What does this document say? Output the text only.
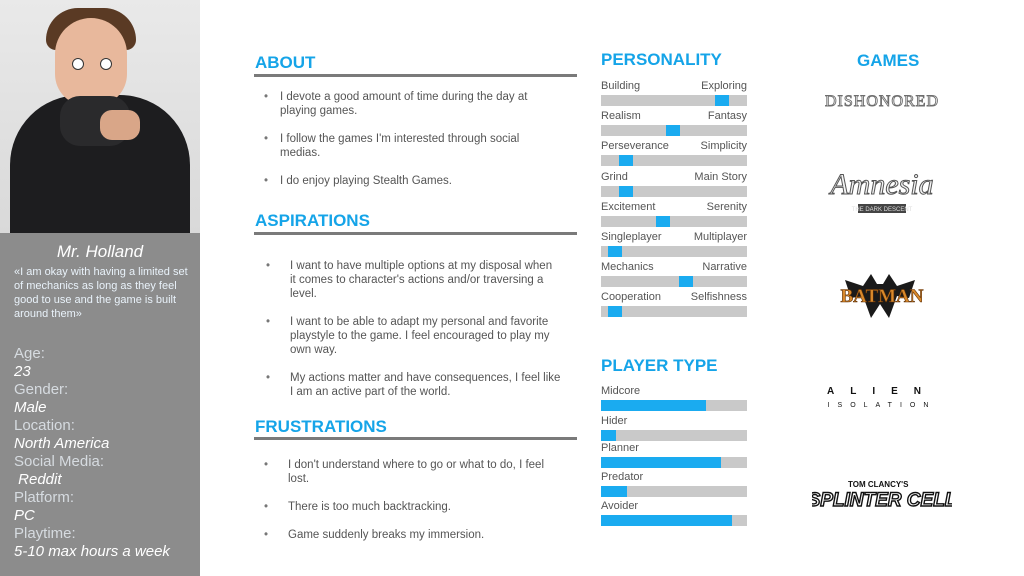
Mr. Holland
«I am okay with having a limited set of mechanics as long as they feel good to use and the game is built around them»
Age:
23
Gender:
Male
Location:
North America
Social Media:
Reddit
Platform:
PC
Playtime:
5-10 max hours a week
ABOUT
• I devote a good amount of time during the day at playing games.
• I follow the games I'm interested through social medias.
• I do enjoy playing Stealth Games.
ASPIRATIONS
• I want to have multiple options at my disposal when it comes to character's actions and/or traversing a level.
• I want to be able to adapt my personal and favorite playstyle to the game. I feel encouraged to play my own way.
• My actions matter and have consequences, I feel like I am an active part of the world.
FRUSTRATIONS
• I don't understand where to go or what to do, I feel lost.
• There is too much backtracking.
• Game suddenly breaks my immersion.
PERSONALITY
Building	Exploring
Realism	Fantasy
Perseverance	Simplicity
Grind	Main Story
Excitement	Serenity
Singleplayer	Multiplayer
Mechanics	Narrative
Cooperation	Selfishness
PLAYER TYPE
Midcore
Hider
Planner
Predator
Avoider
GAMES
DISHONORED
Amnesia
THE DARK DESCENT
BATMAN
ALIEN
ISOLATION
TOM CLANCY'S
SPLINTER CELL
